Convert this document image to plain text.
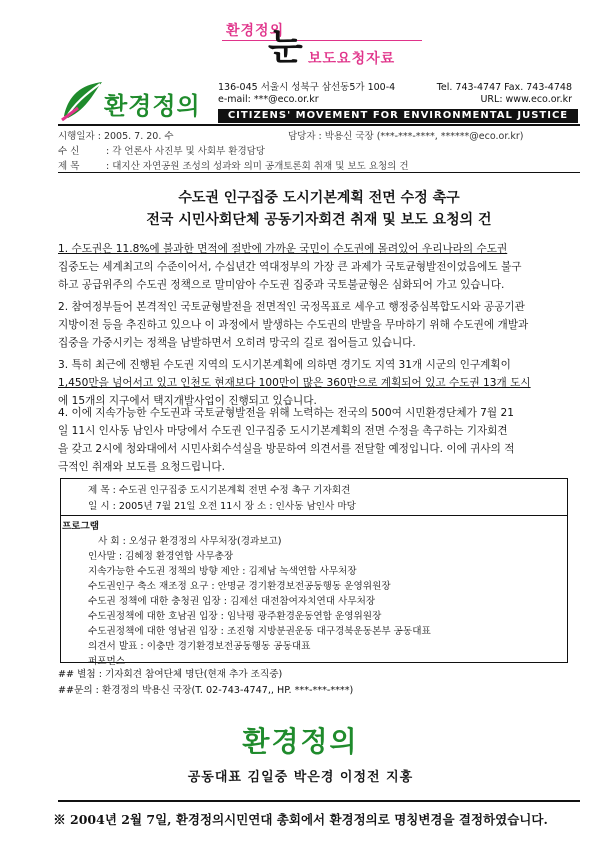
환경정의
눈 보도요청자료
환경정의
136-045 서울시 성북구 삼선동5가 100-4
e-mail: ***@eco.or.kr
Tel. 743-4747 Fax. 743-4748
URL: www.eco.or.kr
CITIZENS' MOVEMENT FOR ENVIRONMENTAL JUSTICE
시행일자 : 2005. 7. 20. 수	담당자 : 박용신 국장 (***-***-****, ******@eco.or.kr)
수 신	: 각 언론사 사진부 및 사회부 환경담당
제 목	: 대지산 자연공원 조성의 성과와 의미 공개토론회 취재 및 보도 요청의 건
수도권 인구집중 도시기본계획 전면 수정 촉구
전국 시민사회단체 공동기자회견 취재 및 보도 요청의 건
1. 수도권은 11.8%에 불과한 면적에 절반에 가까운 국민이 수도권에 몰려있어 우리나라의 수도권
집중도는 세계최고의 수준이어서, 수십년간 역대정부의 가장 큰 과제가 국토균형발전이었음에도 불구
하고 공급위주의 수도권 정책으로 말미암아 수도권 집중과 국토불균형은 심화되어 가고 있습니다.
2. 참여정부들어 본격적인 국토균형발전을 전면적인 국정목표로 세우고 행정중심복합도시와 공공기관
지방이전 등을 추진하고 있으나 이 과정에서 발생하는 수도권의 반발을 무마하기 위해 수도권에 개발과
집중을 가중시키는 정책을 남발하면서 오히려 망국의 길로 접어들고 있습니다.
3. 특히 최근에 진행된 수도권 지역의 도시기본계획에 의하면 경기도 지역 31개 시군의 인구계획이
1,450만을 넘어서고 있고 인천도 현재보다 100만이 많은 360만으로 계획되어 있고 수도권 13개 도시
에 15개의 지구에서 택지개발사업이 진행되고 있습니다.
4. 이에 지속가능한 수도권과 국토균형발전을 위해 노력하는 전국의 500여 시민환경단체가 7월 21
일 11시 인사동 남인사 마당에서 수도권 인구집중 도시기본계획의 전면 수정을 촉구하는 기자회견
을 갖고 2시에 청와대에서 시민사회수석실을 방문하여 의견서를 전달할 예정입니다. 이에 귀사의 적
극적인 취재와 보도를 요청드립니다.
제 목 : 수도권 인구집중 도시기본계획 전면 수정 촉구 기자회견
일 시 : 2005년 7월 21일 오전 11시 장 소 : 인사동 남인사 마당
프로그램
사 회 : 오성규 환경정의 사무처장(경과보고)
인사말 : 김혜정 환경연합 사무총장
지속가능한 수도권 정책의 방향 제안 : 김제남 녹색연합 사무처장
수도권인구 축소 재조정 요구 : 안명균 경기환경보전공동행동 운영위원장
수도권 정책에 대한 충청권 입장 : 김제선 대전참여자치연대 사무처장
수도권정책에 대한 호남권 입장 : 임낙평 광주환경운동연합 운영위원장
수도권정책에 대한 영남권 입장 : 조진형 지방분권운동 대구경북운동본부 공동대표
의견서 발표 : 이충만 경기환경보전공동행동 공동대표
퍼포먼스
## 별첨 : 기자회견 참여단체 명단(현재 추가 조직중)
##문의 : 환경정의 박용신 국장(T. 02-743-4747,, HP. ***-***-****)
환경정의
공동대표 김일중 박은경 이정전 지홍
※ 2004년 2월 7일, 환경정의시민연대 총회에서 환경정의로 명칭변경을 결정하였습니다.
